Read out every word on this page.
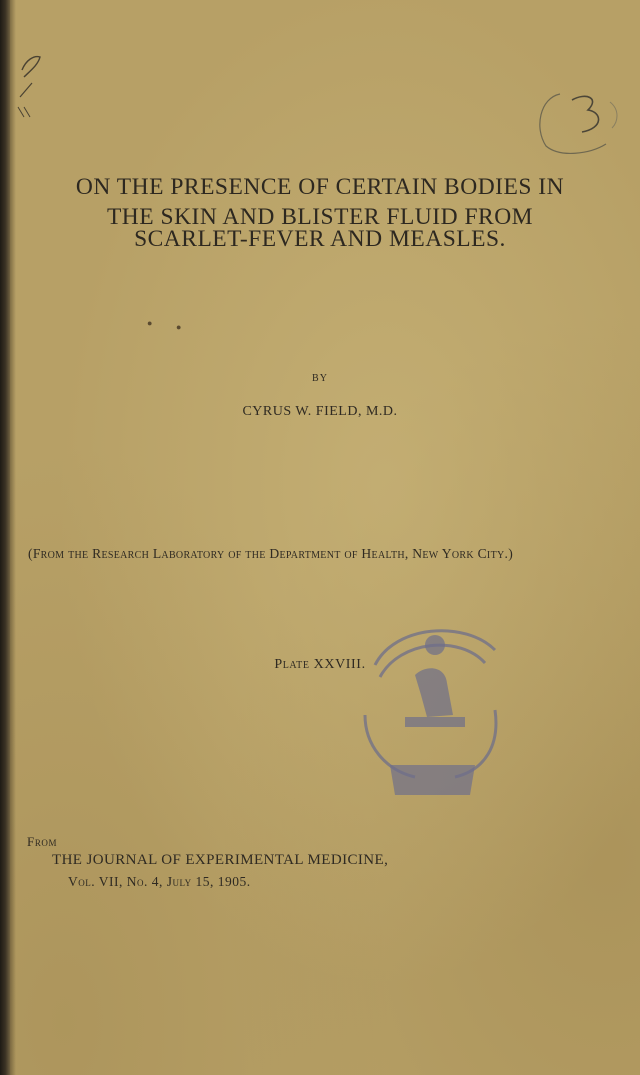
ON THE PRESENCE OF CERTAIN BODIES IN
THE SKIN AND BLISTER FLUID FROM
SCARLET-FEVER AND MEASLES.
●	●
BY
CYRUS W. FIELD, M.D.
(From the Research Laboratory of the Department of Health, New York City.)
Plate XXVIII.
From
THE JOURNAL OF EXPERIMENTAL MEDICINE,
Vol. VII, No. 4, July 15, 1905.
